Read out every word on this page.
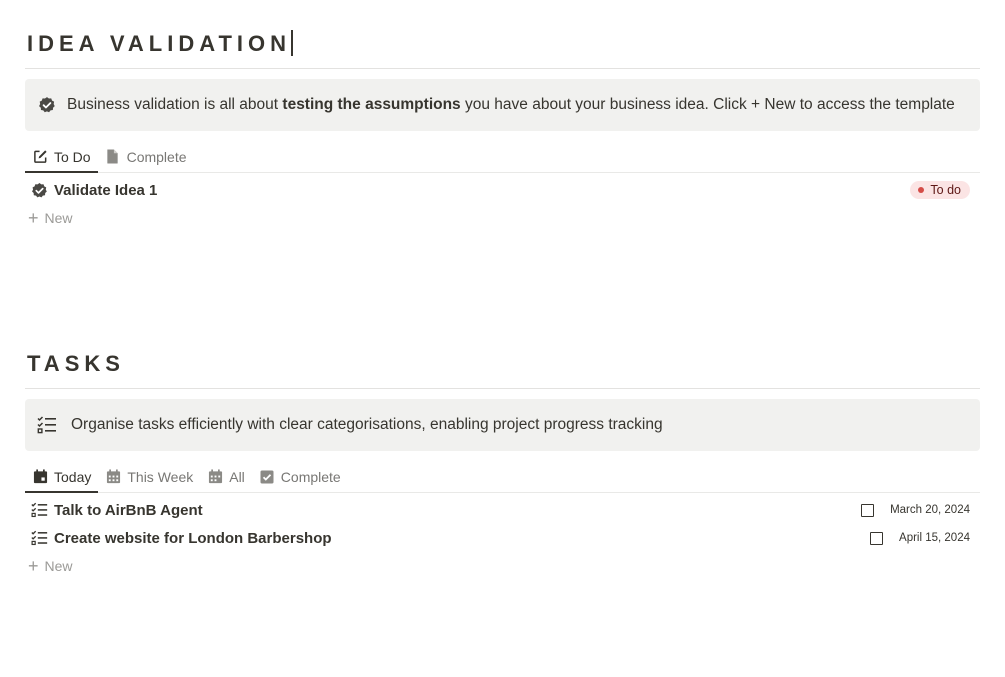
IDEA VALIDATION
Business validation is all about testing the assumptions you have about your business idea. Click + New to access the template
To Do	Complete
Validate Idea 1	To do
+ New
TASKS
Organise tasks efficiently with clear categorisations, enabling project progress tracking
Today	This Week	All	Complete
Talk to AirBnB Agent	March 20, 2024
Create website for London Barbershop	April 15, 2024
+ New
